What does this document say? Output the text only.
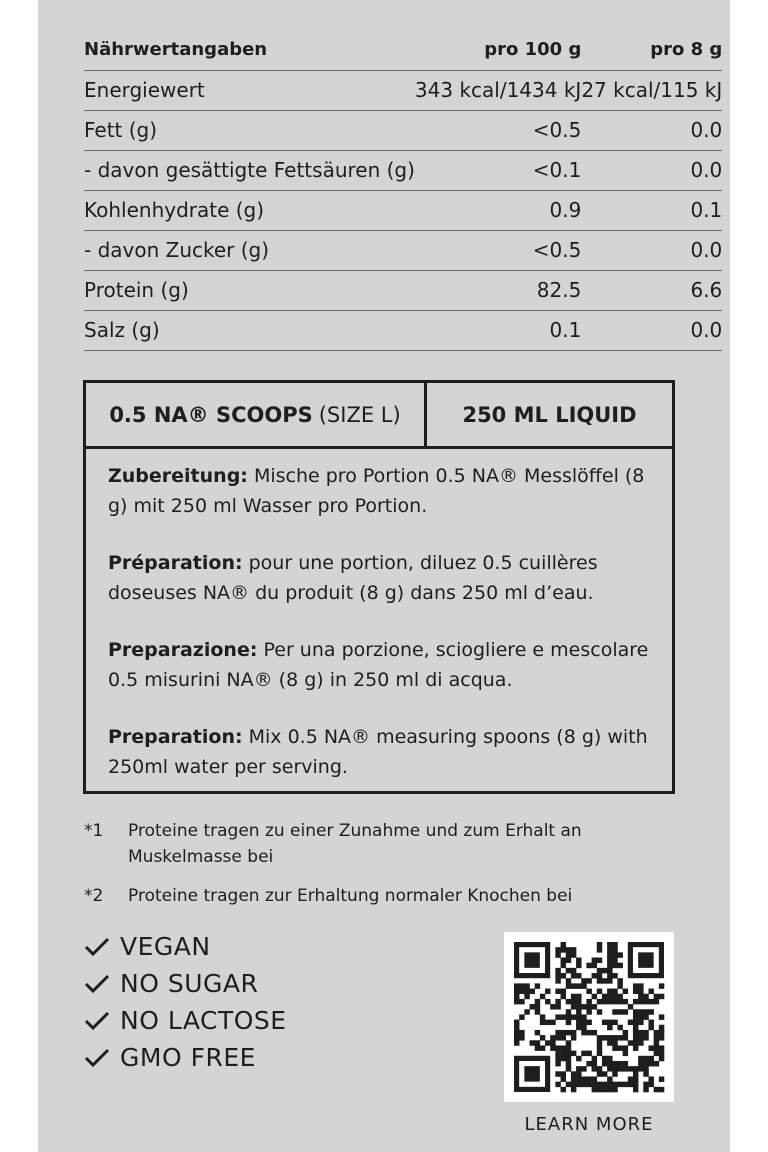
Nährwertangaben	pro 100 g	pro 8 g
Energiewert	343 kcal/1434 kJ	27 kcal/115 kJ
Fett (g)	<0.5	0.0
- davon gesättigte Fettsäuren (g)	<0.1	0.0
Kohlenhydrate (g)	0.9	0.1
- davon Zucker (g)	<0.5	0.0
Protein (g)	82.5	6.6
Salz (g)	0.1	0.0
0.5 NA® SCOOPS (SIZE L)	250 ML LIQUID

Zubereitung: Mische pro Portion 0.5 NA® Messlöffel (8 g) mit 250 ml Wasser pro Portion.

Préparation: pour une portion, diluez 0.5 cuillères doseuses NA® du produit (8 g) dans 250 ml d’eau.

Preparazione: Per una porzione, sciogliere e mescolare 0.5 misurini NA® (8 g) in 250 ml di acqua.

Preparation: Mix 0.5 NA® measuring spoons (8 g) with 250ml water per serving.

*1	Proteine tragen zu einer Zunahme und zum Erhalt an Muskelmasse bei
*2	Proteine tragen zur Erhaltung normaler Knochen bei
VEGAN
NO SUGAR
NO LACTOSE
GMO FREE
LEARN MORE
